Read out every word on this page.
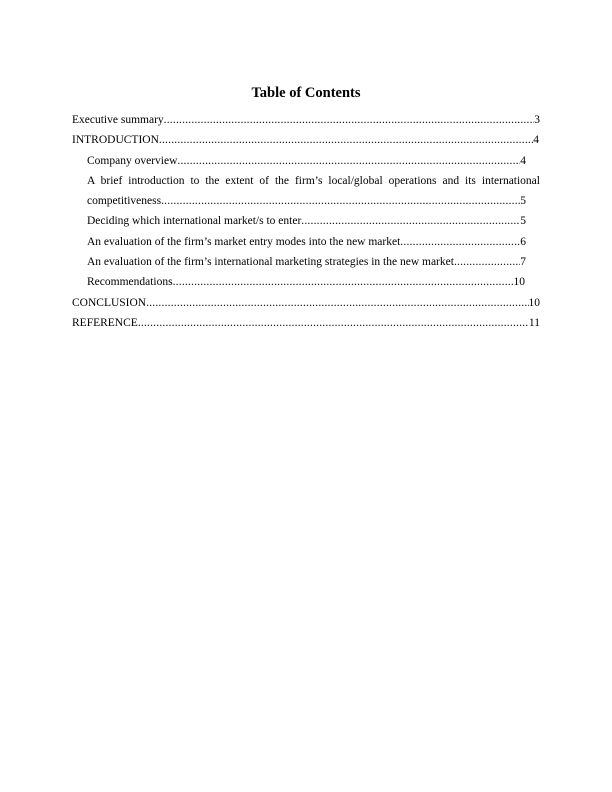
Table of Contents
Executive summary .....	3
INTRODUCTION .....	4
Company overview .....	4
A brief introduction to the extent of the firm’s local/global operations and its international
competitiveness .....	5
Deciding which international market/s to enter .....	5
An evaluation of the firm’s market entry modes into the new market .....	6
An evaluation of the firm’s international marketing strategies in the new market .....	7
Recommendations .....	10
CONCLUSION .....	10
REFERENCE .....	11
